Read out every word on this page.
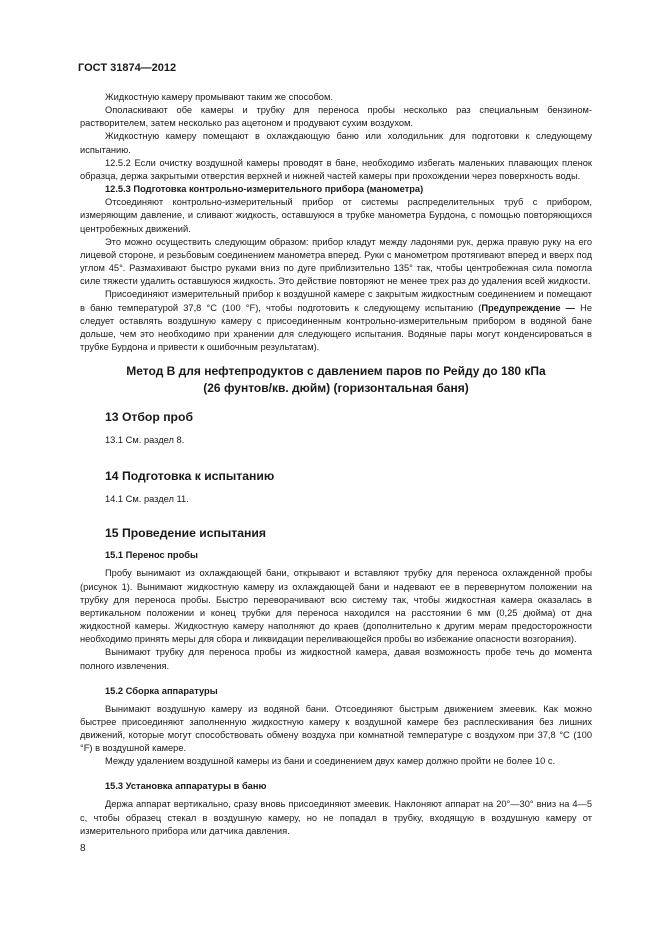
ГОСТ 31874—2012

Жидкостную камеру промывают таким же способом.

Ополаскивают обе камеры и трубку для переноса пробы несколько раз специальным бензином-растворителем, затем несколько раз ацетоном и продувают сухим воздухом.

Жидкостную камеру помещают в охлаждающую баню или холодильник для подготовки к следующему испытанию.

12.5.2 Если очистку воздушной камеры проводят в бане, необходимо избегать маленьких плавающих пленок образца, держа закрытыми отверстия верхней и нижней частей камеры при прохождении через поверхность воды.

12.5.3 Подготовка контрольно-измерительного прибора (манометра)

Отсоединяют контрольно-измерительный прибор от системы распределительных труб с прибором, измеряющим давление, и сливают жидкость, оставшуюся в трубке манометра Бурдона, с помощью повторяющихся центробежных движений.

Это можно осуществить следующим образом: прибор кладут между ладонями рук, держа правую руку на его лицевой стороне, и резьбовым соединением манометра вперед. Руки с манометром протягивают вперед и вверх под углом 45°. Размахивают быстро руками вниз по дуге приблизительно 135° так, чтобы центробежная сила помогла силе тяжести удалить оставшуюся жидкость. Это действие повторяют не менее трех раз до удаления всей жидкости.

Присоединяют измерительный прибор к воздушной камере с закрытым жидкостным соединением и помещают в баню температурой 37,8 °С (100 °F), чтобы подготовить к следующему испытанию (Предупреждение — Не следует оставлять воздушную камеру с присоединенным контрольно-измерительным прибором в водяной бане дольше, чем это необходимо при хранении для следующего испытания. Водяные пары могут конденсироваться в трубке Бурдона и привести к ошибочным результатам).

Метод В для нефтепродуктов с давлением паров по Рейду до 180 кПа
(26 фунтов/кв. дюйм) (горизонтальная баня)
13 Отбор проб

13.1 См. раздел 8.

14 Подготовка к испытанию

14.1 См. раздел 11.

15 Проведение испытания
15.1 Перенос пробы

Пробу вынимают из охлаждающей бани, открывают и вставляют трубку для переноса охлажденной пробы (рисунок 1). Вынимают жидкостную камеру из охлаждающей бани и надевают ее в перевернутом положении на трубку для переноса пробы. Быстро переворачивают всю систему так, чтобы жидкостная камера оказалась в вертикальном положении и конец трубки для переноса находился на расстоянии 6 мм (0,25 дюйма) от дна жидкостной камеры. Жидкостную камеру наполняют до краев (дополнительно к другим мерам предосторожности необходимо принять меры для сбора и ликвидации переливающейся пробы во избежание опасности возгорания).

Вынимают трубку для переноса пробы из жидкостной камера, давая возможность пробе течь до момента полного извлечения.

15.2 Сборка аппаратуры

Вынимают воздушную камеру из водяной бани. Отсоединяют быстрым движением змеевик. Как можно быстрее присоединяют заполненную жидкостную камеру к воздушной камере без расплескивания без лишних движений, которые могут способствовать обмену воздуха при комнатной температуре с воздухом при 37,8 °С (100 °F) в воздушной камере.

Между удалением воздушной камеры из бани и соединением двух камер должно пройти не более 10 с.

15.3 Установка аппаратуры в баню

Держа аппарат вертикально, сразу вновь присоединяют змеевик. Наклоняют аппарат на 20°—30° вниз на 4—5 с, чтобы образец стекал в воздушную камеру, но не попадал в трубку, входящую в воздушную камеру от измерительного прибора или датчика давления.

8
